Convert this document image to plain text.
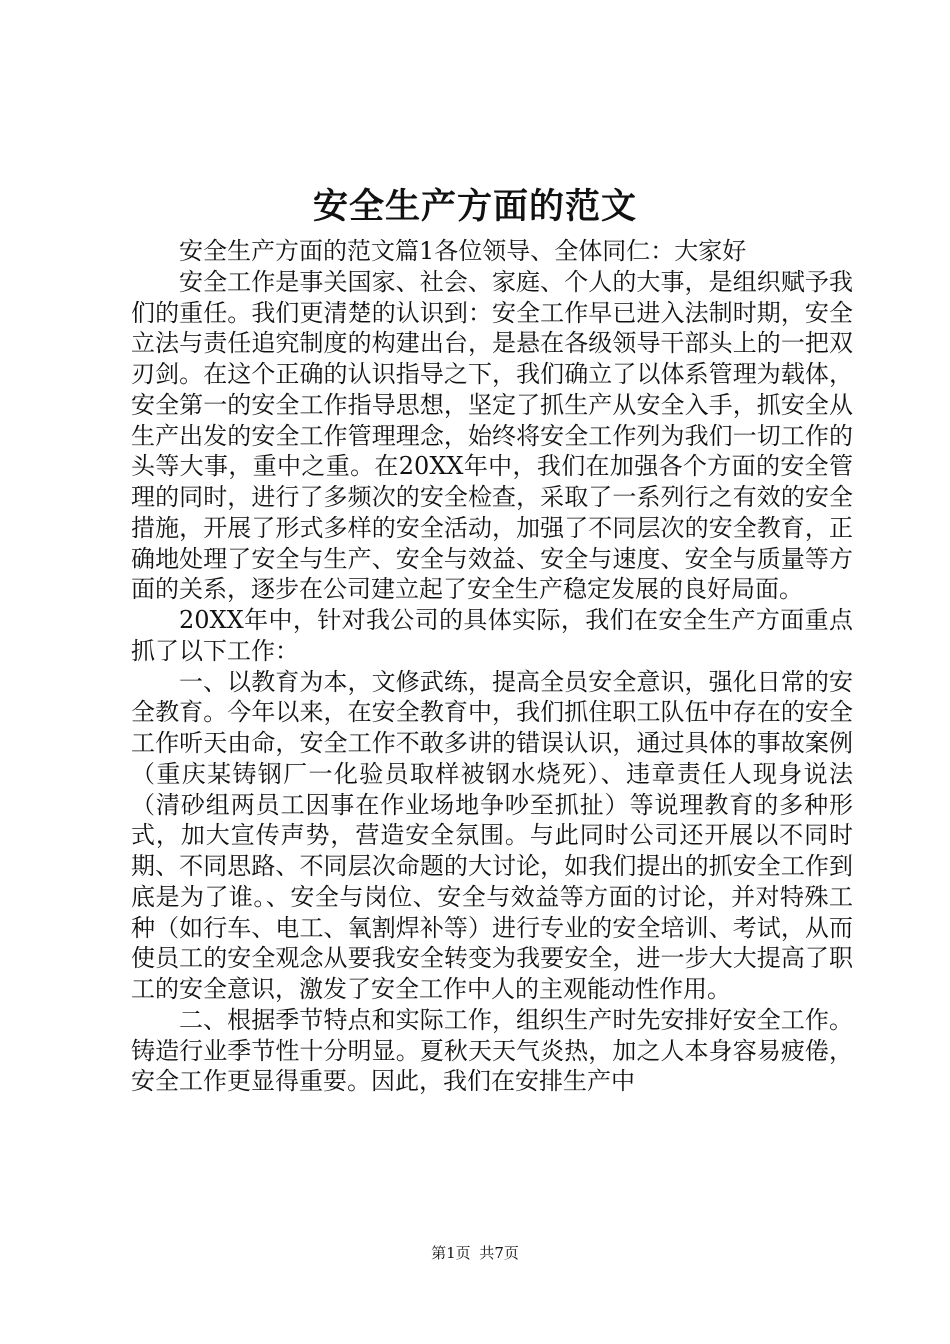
安全生产方面的范文

安全生产方面的范文篇1各位领导、全体同仁：大家好

安全工作是事关国家、社会、家庭、个人的大事，是组织赋予我们的重任。我们更清楚的认识到：安全工作早已进入法制时期，安全立法与责任追究制度的构建出台，是悬在各级领导干部头上的一把双刃剑。在这个正确的认识指导之下，我们确立了以体系管理为载体，安全第一的安全工作指导思想，坚定了抓生产从安全入手，抓安全从生产出发的安全工作管理理念，始终将安全工作列为我们一切工作的头等大事，重中之重。在20XX年中，我们在加强各个方面的安全管理的同时，进行了多频次的安全检查，采取了一系列行之有效的安全措施，开展了形式多样的安全活动，加强了不同层次的安全教育，正确地处理了安全与生产、安全与效益、安全与速度、安全与质量等方面的关系，逐步在公司建立起了安全生产稳定发展的良好局面。

20XX年中，针对我公司的具体实际，我们在安全生产方面重点抓了以下工作：

一、以教育为本，文修武练，提高全员安全意识，强化日常的安全教育。今年以来，在安全教育中，我们抓住职工队伍中存在的安全工作听天由命，安全工作不敢多讲的错误认识，通过具体的事故案例（重庆某铸钢厂一化验员取样被钢水烧死）、违章责任人现身说法（清砂组两员工因事在作业场地争吵至抓扯）等说理教育的多种形式，加大宣传声势，营造安全氛围。与此同时公司还开展以不同时期、不同思路、不同层次命题的大讨论，如我们提出的抓安全工作到底是为了谁。、安全与岗位、安全与效益等方面的讨论，并对特殊工种（如行车、电工、氧割焊补等）进行专业的安全培训、考试，从而使员工的安全观念从要我安全转变为我要安全，进一步大大提高了职工的安全意识，激发了安全工作中人的主观能动性作用。

二、根据季节特点和实际工作，组织生产时先安排好安全工作。铸造行业季节性十分明显。夏秋天天气炎热，加之人本身容易疲倦，安全工作更显得重要。因此，我们在安排生产中

第1页 共7页
